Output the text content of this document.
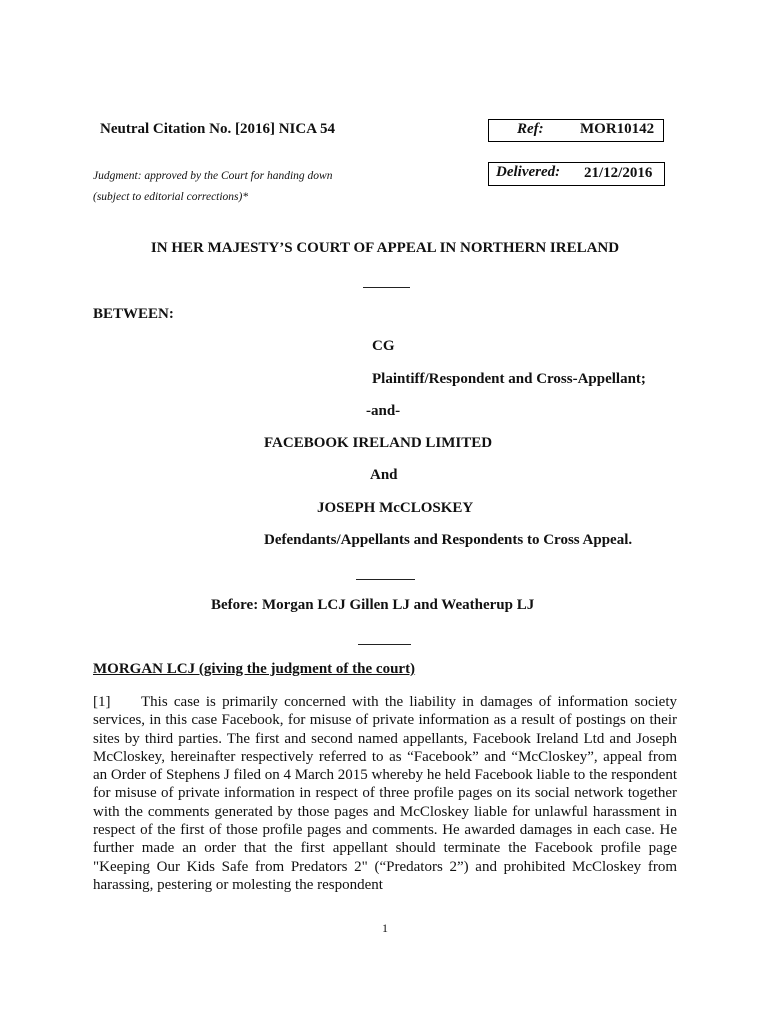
Neutral Citation No. [2016] NICA 54	Ref: MOR10142
Judgment: approved by the Court for handing down
(subject to editorial corrections)*
Delivered: 21/12/2016
IN HER MAJESTY’S COURT OF APPEAL IN NORTHERN IRELAND
BETWEEN:
CG
Plaintiff/Respondent and Cross-Appellant;
-and-
FACEBOOK IRELAND LIMITED
And
JOSEPH McCLOSKEY
Defendants/Appellants and Respondents to Cross Appeal.
Before: Morgan LCJ Gillen LJ and Weatherup LJ
MORGAN LCJ (giving the judgment of the court)
[1] This case is primarily concerned with the liability in damages of information society services, in this case Facebook, for misuse of private information as a result of postings on their sites by third parties. The first and second named appellants, Facebook Ireland Ltd and Joseph McCloskey, hereinafter respectively referred to as “Facebook” and “McCloskey”, appeal from an Order of Stephens J filed on 4 March 2015 whereby he held Facebook liable to the respondent for misuse of private information in respect of three profile pages on its social network together with the comments generated by those pages and McCloskey liable for unlawful harassment in respect of the first of those profile pages and comments. He awarded damages in each case. He further made an order that the first appellant should terminate the Facebook profile page "Keeping Our Kids Safe from Predators 2" (“Predators 2”) and prohibited McCloskey from harassing, pestering or molesting the respondent
1
